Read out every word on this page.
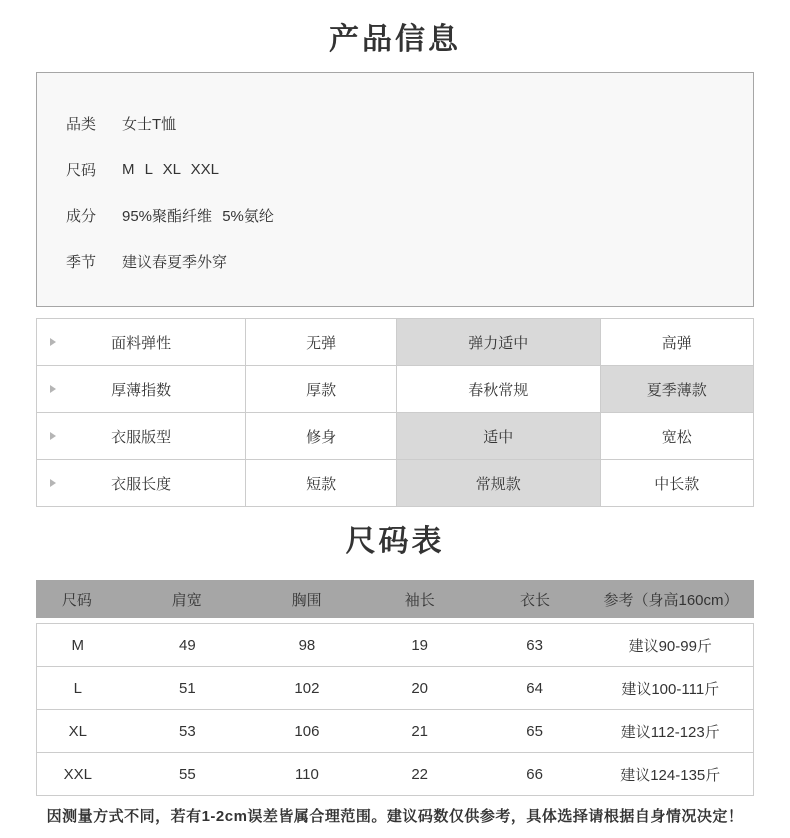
产品信息
品类 女士T恤
尺码 M L XL XXL
成分 95%聚酯纤维 5%氨纶
季节 建议春夏季外穿
面料弹性	无弹	弹力适中	高弹

厚薄指数	厚款	春秋常规	夏季薄款

衣服版型	修身	适中	宽松

衣服长度	短款	常规款	中长款
尺码表
尺码	肩宽	胸围	袖长	衣长	参考（身高160cm）
M	49	98	19	63	建议90-99斤
L	51	102	20	64	建议100-111斤
XL	53	106	21	65	建议112-123斤
XXL	55	110	22	66	建议124-135斤
因测量方式不同，若有1-2cm误差皆属合理范围。建议码数仅供参考，具体选择请根据自身情况决定！
